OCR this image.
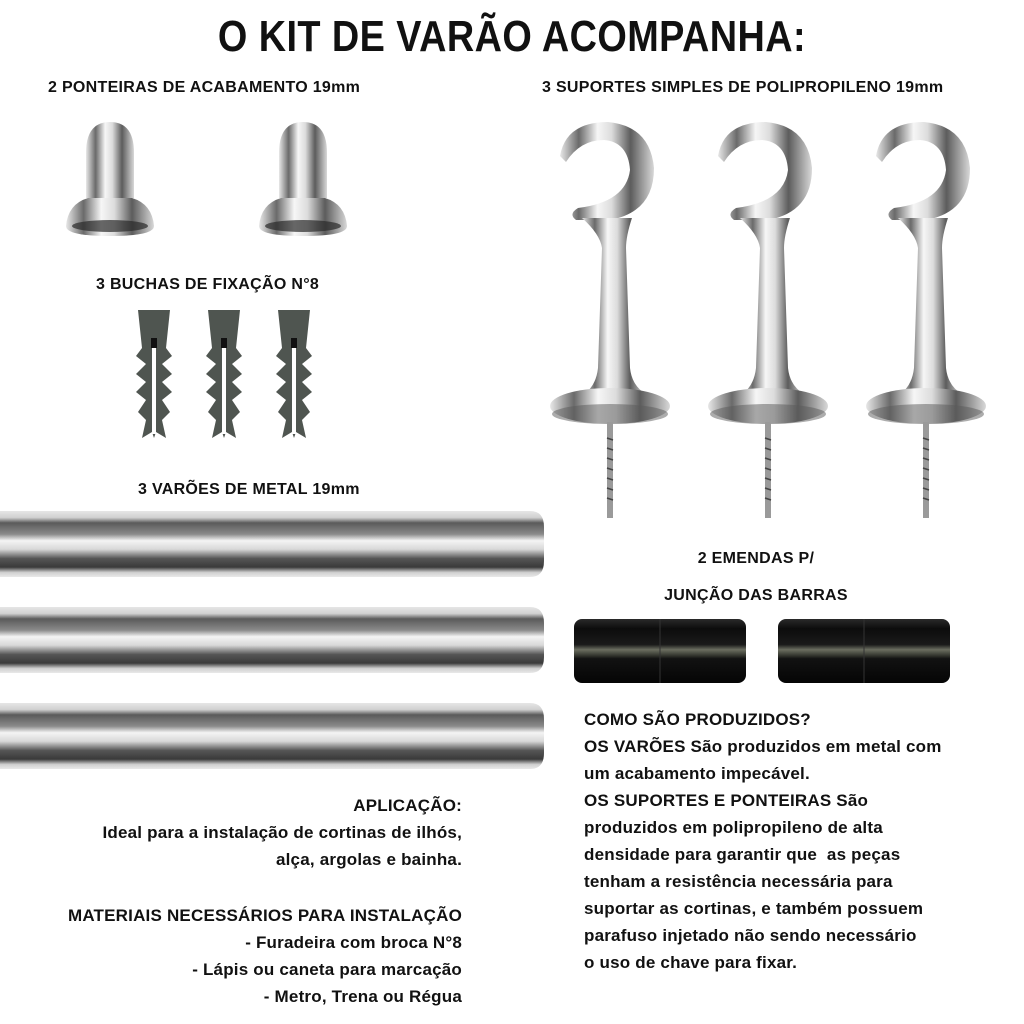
O KIT DE VARÃO ACOMPANHA:
2 PONTEIRAS DE ACABAMENTO 19mm
3 BUCHAS DE FIXAÇÃO N°8
3 SUPORTES SIMPLES DE POLIPROPILENO 19mm
3 VARÕES DE METAL 19mm
2 EMENDAS P/
JUNÇÃO DAS BARRAS
APLICAÇÃO:
Ideal para a instalação de cortinas de ilhós,
alça, argolas e bainha.
MATERIAIS NECESSÁRIOS PARA INSTALAÇÃO
- Furadeira com broca N°8
- Lápis ou caneta para marcação
- Metro, Trena ou Régua
COMO SÃO PRODUZIDOS?
OS VARÕES São produzidos em metal com
um acabamento impecável.
OS SUPORTES E PONTEIRAS São
produzidos em polipropileno de alta
densidade para garantir que  as peças
tenham a resistência necessária para
suportar as cortinas, e também possuem
parafuso injetado não sendo necessário
o uso de chave para fixar.
